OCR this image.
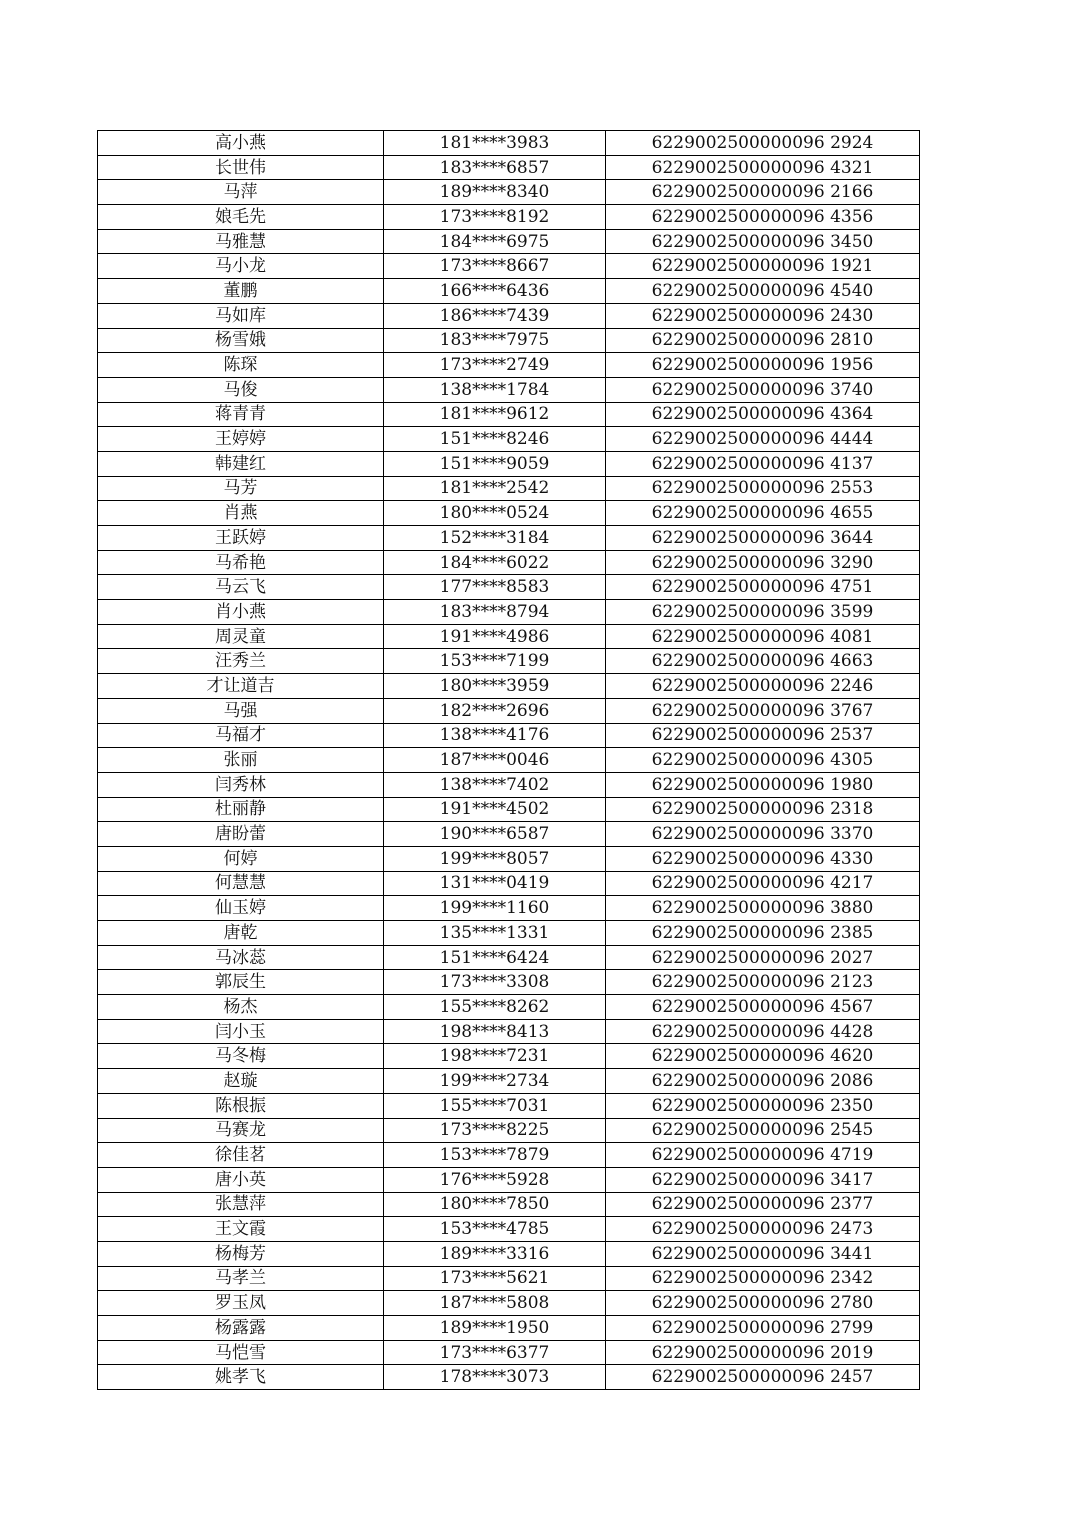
高小燕	181****3983	6229002500000096 2924
长世伟	183****6857	6229002500000096 4321
马萍	189****8340	6229002500000096 2166
娘毛先	173****8192	6229002500000096 4356
马雅慧	184****6975	6229002500000096 3450
马小龙	173****8667	6229002500000096 1921
董鹏	166****6436	6229002500000096 4540
马如库	186****7439	6229002500000096 2430
杨雪娥	183****7975	6229002500000096 2810
陈琛	173****2749	6229002500000096 1956
马俊	138****1784	6229002500000096 3740
蒋青青	181****9612	6229002500000096 4364
王婷婷	151****8246	6229002500000096 4444
韩建红	151****9059	6229002500000096 4137
马芳	181****2542	6229002500000096 2553
肖燕	180****0524	6229002500000096 4655
王跃婷	152****3184	6229002500000096 3644
马希艳	184****6022	6229002500000096 3290
马云飞	177****8583	6229002500000096 4751
肖小燕	183****8794	6229002500000096 3599
周灵童	191****4986	6229002500000096 4081
汪秀兰	153****7199	6229002500000096 4663
才让道吉	180****3959	6229002500000096 2246
马强	182****2696	6229002500000096 3767
马福才	138****4176	6229002500000096 2537
张丽	187****0046	6229002500000096 4305
闫秀林	138****7402	6229002500000096 1980
杜丽静	191****4502	6229002500000096 2318
唐盼蕾	190****6587	6229002500000096 3370
何婷	199****8057	6229002500000096 4330
何慧慧	131****0419	6229002500000096 4217
仙玉婷	199****1160	6229002500000096 3880
唐乾	135****1331	6229002500000096 2385
马冰蕊	151****6424	6229002500000096 2027
郭辰生	173****3308	6229002500000096 2123
杨杰	155****8262	6229002500000096 4567
闫小玉	198****8413	6229002500000096 4428
马冬梅	198****7231	6229002500000096 4620
赵璇	199****2734	6229002500000096 2086
陈根振	155****7031	6229002500000096 2350
马赛龙	173****8225	6229002500000096 2545
徐佳茗	153****7879	6229002500000096 4719
唐小英	176****5928	6229002500000096 3417
张慧萍	180****7850	6229002500000096 2377
王文霞	153****4785	6229002500000096 2473
杨梅芳	189****3316	6229002500000096 3441
马孝兰	173****5621	6229002500000096 2342
罗玉凤	187****5808	6229002500000096 2780
杨露露	189****1950	6229002500000096 2799
马恺雪	173****6377	6229002500000096 2019
姚孝飞	178****3073	6229002500000096 2457
